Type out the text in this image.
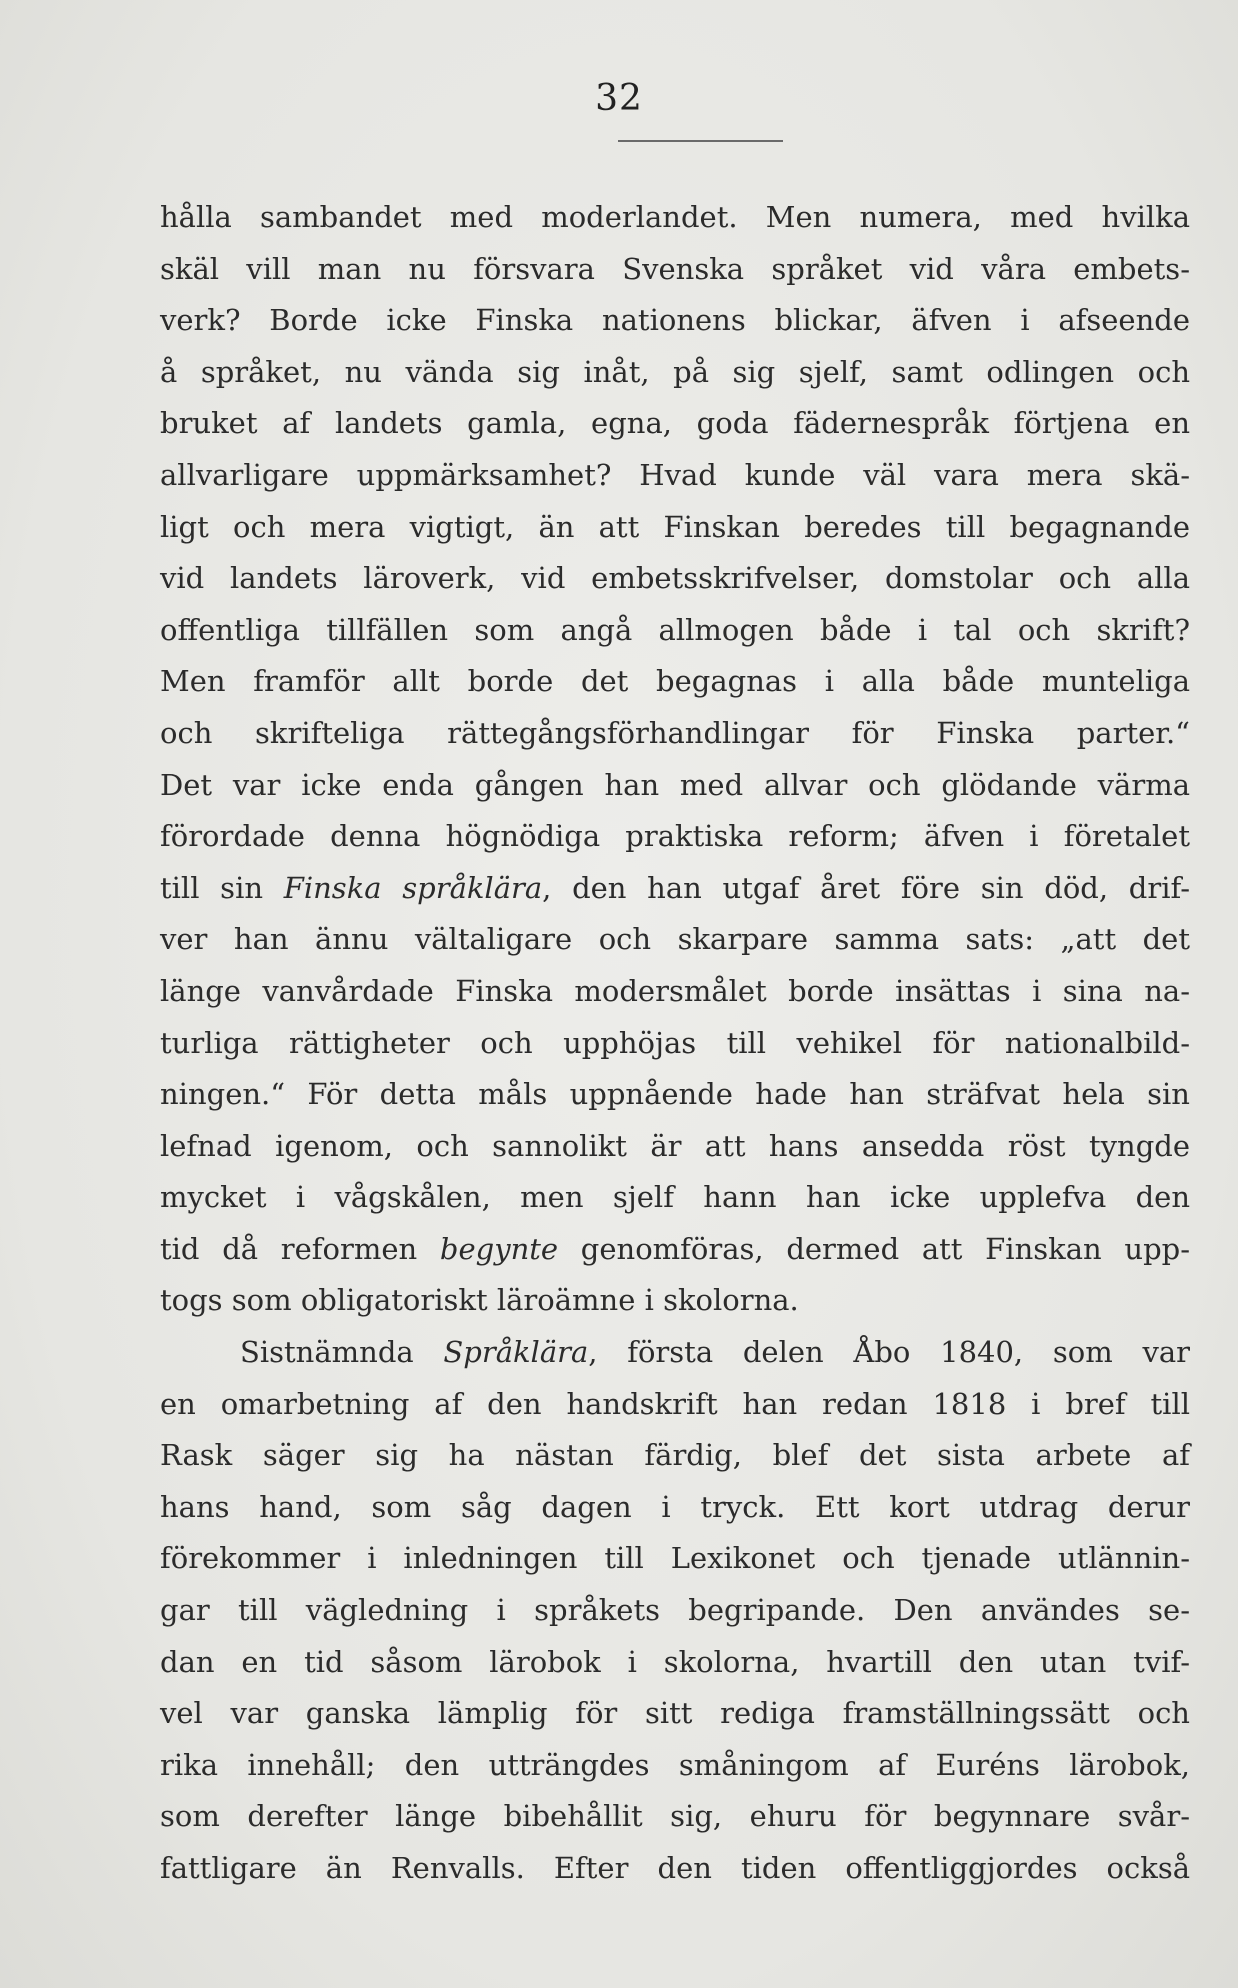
32
hålla sambandet med moderlandet. Men numera, med hvilka
skäl vill man nu försvara Svenska språket vid våra embets-
verk? Borde icke Finska nationens blickar, äfven i afseende
å språket, nu vända sig inåt, på sig sjelf, samt odlingen och
bruket af landets gamla, egna, goda fädernespråk förtjena en
allvarligare uppmärksamhet? Hvad kunde väl vara mera skä-
ligt och mera vigtigt, än att Finskan beredes till begagnande
vid landets läroverk, vid embetsskrifvelser, domstolar och alla
offentliga tillfällen som angå allmogen både i tal och skrift?
Men framför allt borde det begagnas i alla både munteliga
och skrifteliga rättegångsförhandlingar för Finska parter.“
Det var icke enda gången han med allvar och glödande värma
förordade denna högnödiga praktiska reform; äfven i företalet
till sin Finska språklära, den han utgaf året före sin död, drif-
ver han ännu vältaligare och skarpare samma sats: „att det
länge vanvårdade Finska modersmålet borde insättas i sina na-
turliga rättigheter och upphöjas till vehikel för nationalbild-
ningen.“ För detta måls uppnående hade han sträfvat hela sin
lefnad igenom, och sannolikt är att hans ansedda röst tyngde
mycket i vågskålen, men sjelf hann han icke upplefva den
tid då reformen begynte genomföras, dermed att Finskan upp-
togs som obligatoriskt läroämne i skolorna.
Sistnämnda Språklära, första delen Åbo 1840, som var
en omarbetning af den handskrift han redan 1818 i bref till
Rask säger sig ha nästan färdig, blef det sista arbete af
hans hand, som såg dagen i tryck. Ett kort utdrag derur
förekommer i inledningen till Lexikonet och tjenade utlännin-
gar till vägledning i språkets begripande. Den användes se-
dan en tid såsom lärobok i skolorna, hvartill den utan tvif-
vel var ganska lämplig för sitt rediga framställningssätt och
rika innehåll; den utträngdes småningom af Euréns lärobok,
som derefter länge bibehållit sig, ehuru för begynnare svår-
fattligare än Renvalls. Efter den tiden offentliggjordes också
